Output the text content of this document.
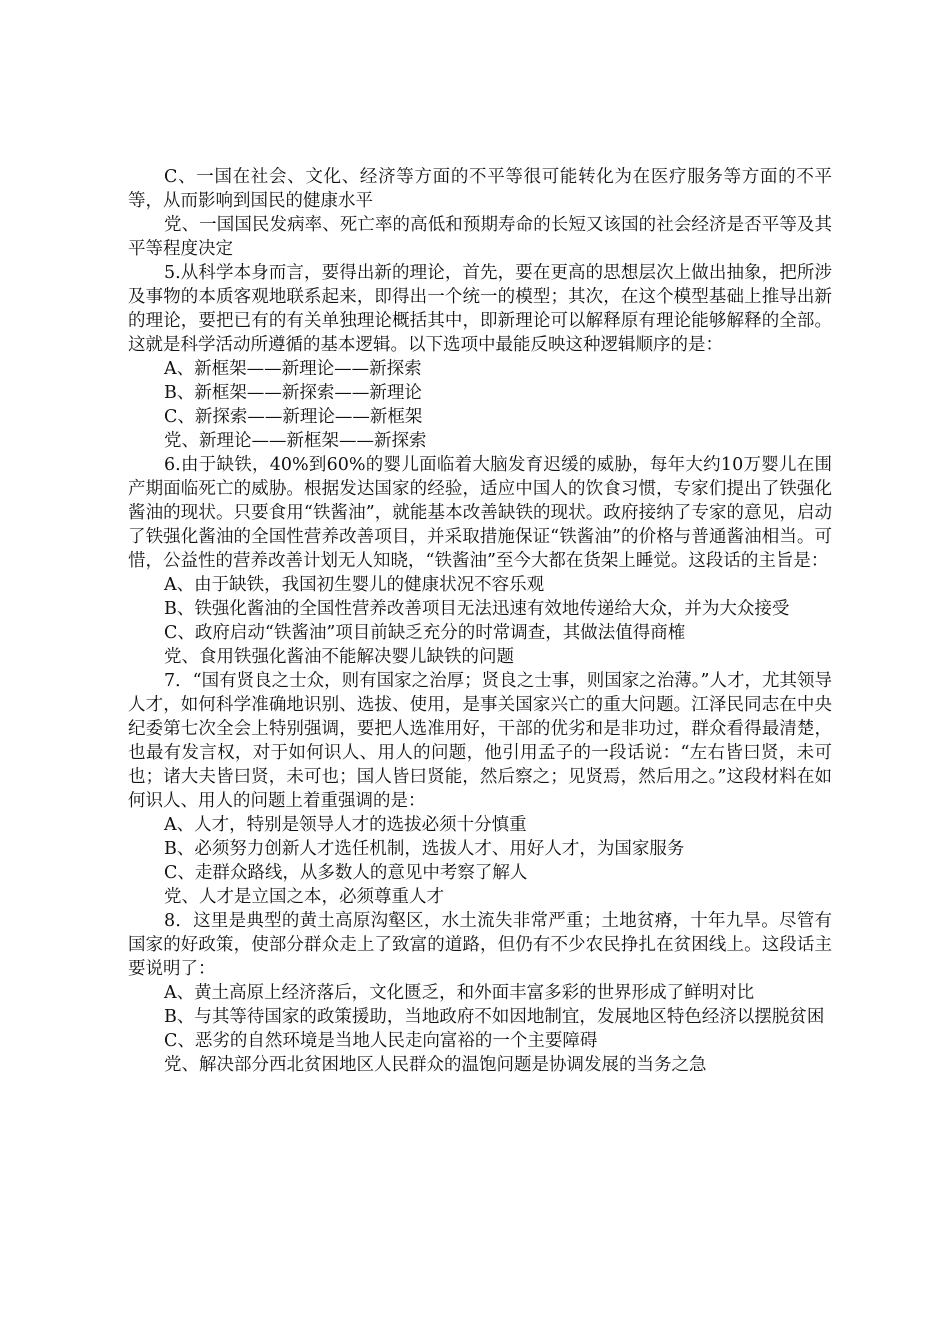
C、一国在社会、文化、经济等方面的不平等很可能转化为在医疗服务等方面的不平等，从而影响到国民的健康水平

党、一国国民发病率、死亡率的高低和预期寿命的长短又该国的社会经济是否平等及其平等程度决定

5.从科学本身而言，要得出新的理论，首先，要在更高的思想层次上做出抽象，把所涉及事物的本质客观地联系起来，即得出一个统一的模型；其次，在这个模型基础上推导出新的理论，要把已有的有关单独理论概括其中，即新理论可以解释原有理论能够解释的全部。这就是科学活动所遵循的基本逻辑。以下选项中最能反映这种逻辑顺序的是：

A、新框架——新理论——新探索

B、新框架——新探索——新理论

C、新探索——新理论——新框架

党、新理论——新框架——新探索

6.由于缺铁，40%到60%的婴儿面临着大脑发育迟缓的威胁，每年大约10万婴儿在围产期面临死亡的威胁。根据发达国家的经验，适应中国人的饮食习惯，专家们提出了铁强化酱油的现状。只要食用“铁酱油”，就能基本改善缺铁的现状。政府接纳了专家的意见，启动了铁强化酱油的全国性营养改善项目，并采取措施保证“铁酱油”的价格与普通酱油相当。可惜，公益性的营养改善计划无人知晓，“铁酱油”至今大都在货架上睡觉。这段话的主旨是：

A、由于缺铁，我国初生婴儿的健康状况不容乐观

B、铁强化酱油的全国性营养改善项目无法迅速有效地传递给大众，并为大众接受

C、政府启动“铁酱油”项目前缺乏充分的时常调查，其做法值得商榷

党、食用铁强化酱油不能解决婴儿缺铁的问题

7．“国有贤良之士众，则有国家之治厚；贤良之士事，则国家之治薄。”人才，尤其领导人才，如何科学准确地识别、选拔、使用，是事关国家兴亡的重大问题。江泽民同志在中央纪委第七次全会上特别强调，要把人选准用好，干部的优劣和是非功过，群众看得最清楚，也最有发言权，对于如何识人、用人的问题，他引用孟子的一段话说：“左右皆曰贤，未可也；诸大夫皆曰贤，未可也；国人皆曰贤能，然后察之；见贤焉，然后用之。”这段材料在如何识人、用人的问题上着重强调的是：

A、人才，特别是领导人才的选拔必须十分慎重

B、必须努力创新人才选任机制，选拔人才、用好人才，为国家服务

C、走群众路线，从多数人的意见中考察了解人

党、人才是立国之本，必须尊重人才

8．这里是典型的黄土高原沟壑区，水土流失非常严重；土地贫瘠，十年九旱。尽管有国家的好政策，使部分群众走上了致富的道路，但仍有不少农民挣扎在贫困线上。这段话主要说明了：

A、黄土高原上经济落后，文化匮乏，和外面丰富多彩的世界形成了鲜明对比

B、与其等待国家的政策援助，当地政府不如因地制宜，发展地区特色经济以摆脱贫困

C、恶劣的自然环境是当地人民走向富裕的一个主要障碍

党、解决部分西北贫困地区人民群众的温饱问题是协调发展的当务之急
